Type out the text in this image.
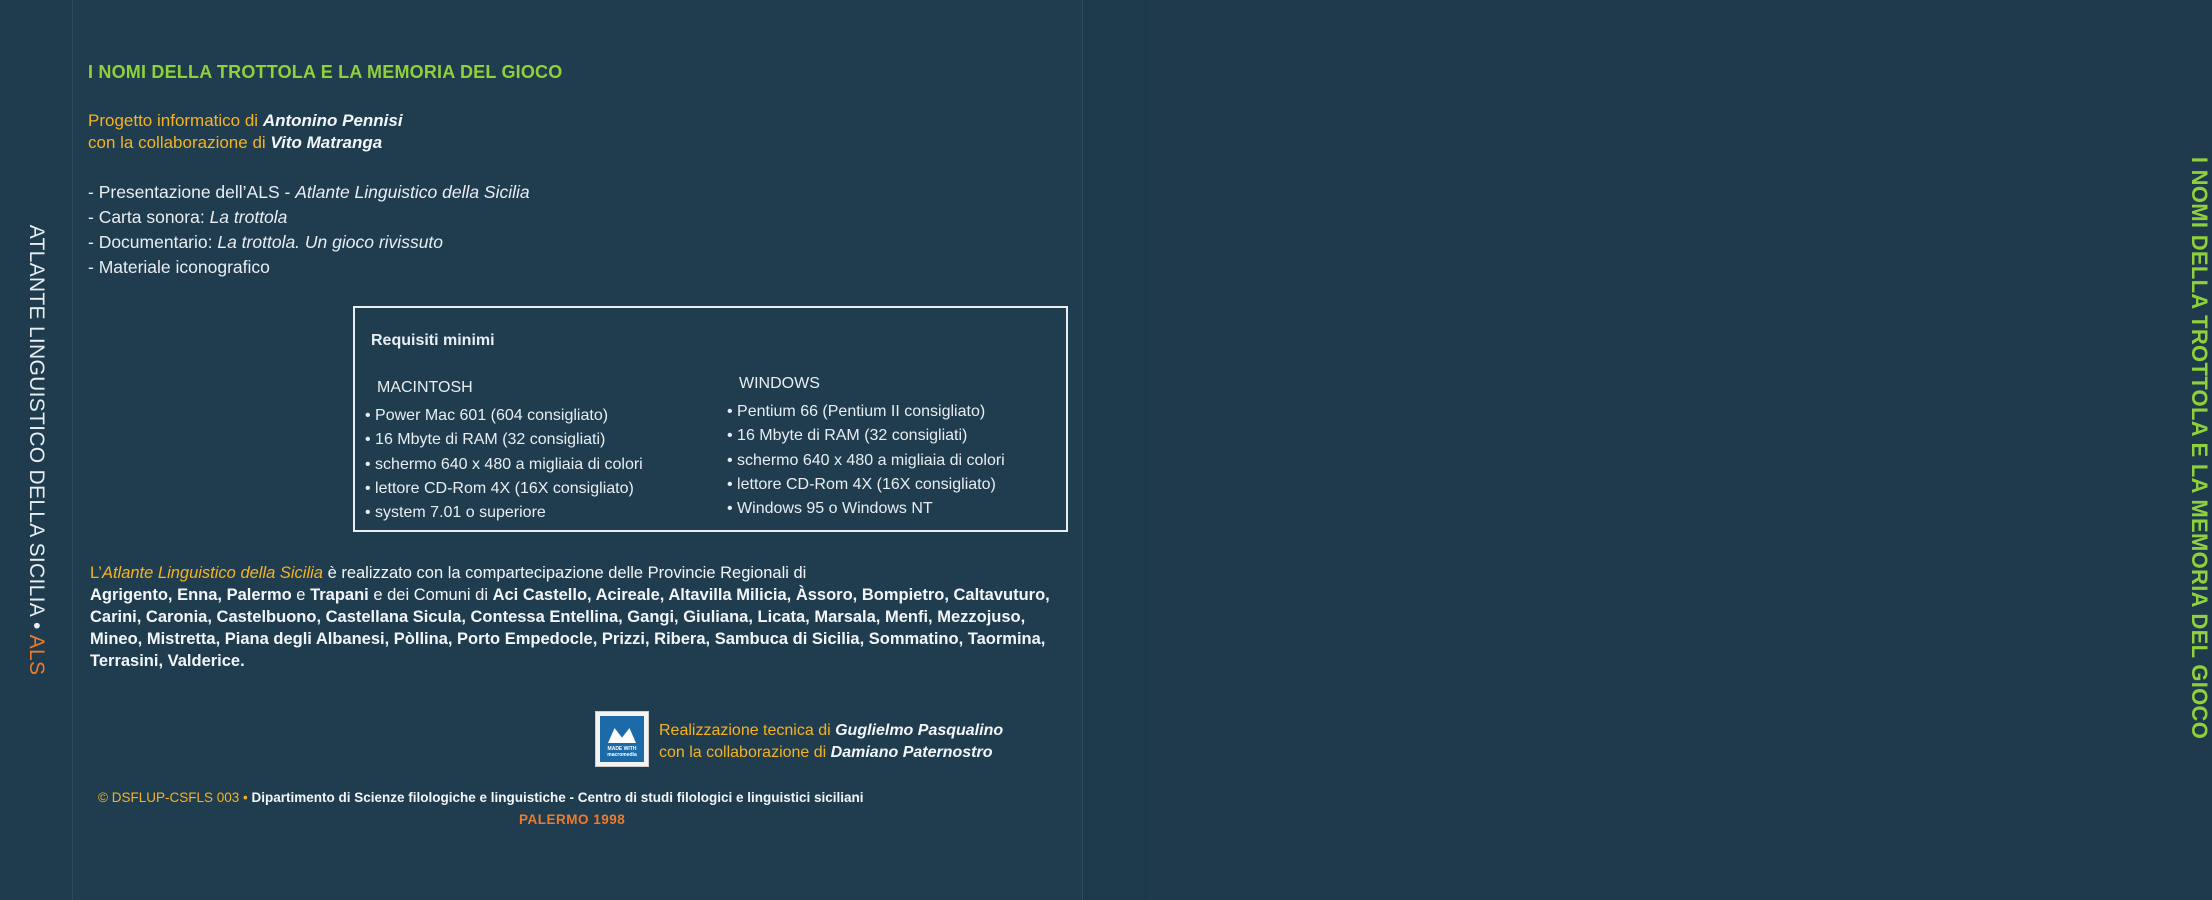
ATLANTE LINGUISTICO DELLA SICILIA • ALS	I NOMI DELLA TROTTOLA E LA MEMORIA DEL GIOCO
I NOMI DELLA TROTTOLA E LA MEMORIA DEL GIOCO
Progetto informatico di Antonino Pennisi
con la collaborazione di Vito Matranga
- Presentazione dell’ALS - Atlante Linguistico della Sicilia
- Carta sonora: La trottola
- Documentario: La trottola. Un gioco rivissuto
- Materiale iconografico
Requisiti minimi
MACINTOSH
• Power Mac 601 (604 consigliato)
• 16 Mbyte di RAM (32 consigliati)
• schermo 640 x 480 a migliaia di colori
• lettore CD-Rom 4X (16X consigliato)
• system 7.01 o superiore
WINDOWS
• Pentium 66 (Pentium II consigliato)
• 16 Mbyte di RAM (32 consigliati)
• schermo 640 x 480 a migliaia di colori
• lettore CD-Rom 4X (16X consigliato)
• Windows 95 o Windows NT
L’Atlante Linguistico della Sicilia è realizzato con la compartecipazione delle Provincie Regionali di
Agrigento, Enna, Palermo e Trapani e dei Comuni di Aci Castello, Acireale, Altavilla Milicia, Àssoro, Bompietro, Caltavuturo, Carini, Caronia, Castelbuono, Castellana Sicula, Contessa Entellina, Gangi, Giuliana, Licata, Marsala, Menfi, Mezzojuso, Mineo, Mistretta, Piana degli Albanesi, Pòllina, Porto Empedocle, Prizzi, Ribera, Sambuca di Sicilia, Sommatino, Taormina, Terrasini, Valderice.
MADE WITH macromedia
Realizzazione tecnica di Guglielmo Pasqualino
con la collaborazione di Damiano Paternostro
© DSFLUP-CSFLS 003 • Dipartimento di Scienze filologiche e linguistiche - Centro di studi filologici e linguistici siciliani
PALERMO 1998
